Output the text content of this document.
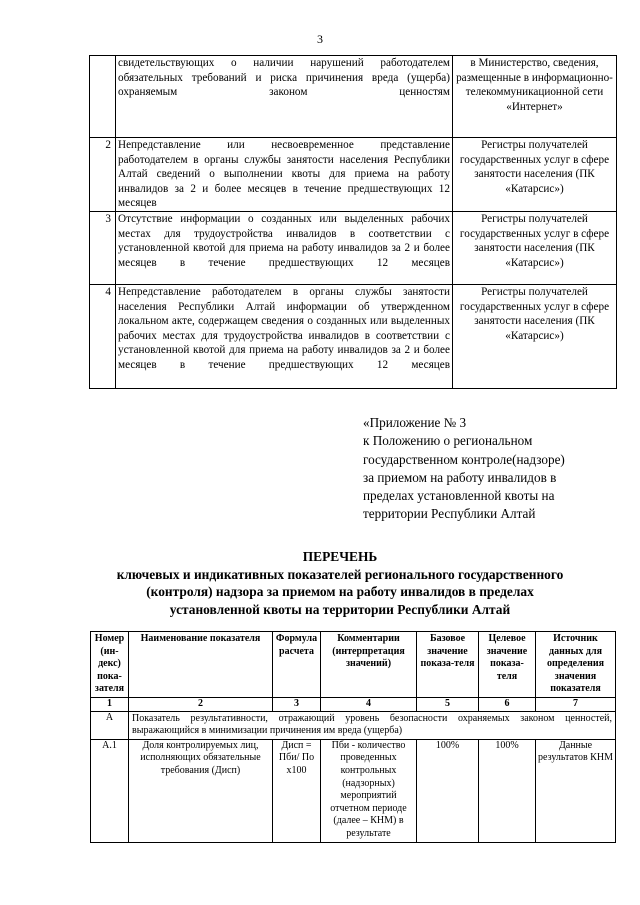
3
	свидетельствующих о наличии нарушений работодателем обязательных требований и риска причинения вреда (ущерба) охраняемым законом ценностям	в Министерство, сведения, размещенные в информационно-телекоммуникационной сети «Интернет»
2	Непредставление или несвоевременное представление работодателем в органы службы занятости населения Республики Алтай сведений о выполнении квоты для приема на работу инвалидов за 2 и более месяцев в течение предшествующих 12 месяцев	Регистры получателей государственных услуг в сфере занятости населения (ПК «Катарсис»)
3	Отсутствие информации о созданных или выделенных рабочих местах для трудоустройства инвалидов в соответствии с установленной квотой для приема на работу инвалидов за 2 и более месяцев в течение предшествующих 12 месяцев	Регистры получателей государственных услуг в сфере занятости населения (ПК «Катарсис»)
4	Непредставление работодателем в органы службы занятости населения Республики Алтай информации об утвержденном локальном акте, содержащем сведения о созданных или выделенных рабочих местах для трудоустройства инвалидов в соответствии с установленной квотой для приема на работу инвалидов за 2 и более месяцев в течение предшествующих 12 месяцев	Регистры получателей государственных услуг в сфере занятости населения (ПК «Катарсис»)
«Приложение № 3
к Положению о региональном
государственном контроле(надзоре)
за приемом на работу инвалидов в
пределах установленной квоты на
территории Республики Алтай
ПЕРЕЧЕНЬ
ключевых и индикативных показателей регионального государственного
(контроля) надзора за приемом на работу инвалидов в пределах
установленной квоты на территории Республики Алтай
Номер (ин-декс) пока-зателя	Наименование показателя	Формула расчета	Комментарии (интерпретация значений)	Базовое значение показа-теля	Целевое значение показа-теля	Источник данных для определения значения показателя
1	2	3	4	5	6	7
А	Показатель результативности, отражающий уровень безопасности охраняемых законом ценностей, выражающийся в минимизации причинения им вреда (ущерба)					
А.1	Доля контролируемых лиц, исполняющих обязательные требования (Дисп)	Дисп = Пби/ По x100	Пби - количество проведенных контрольных (надзорных) мероприятий отчетном периоде (далее – КНМ) в результате	100%	100%	Данные результатов КНМ
